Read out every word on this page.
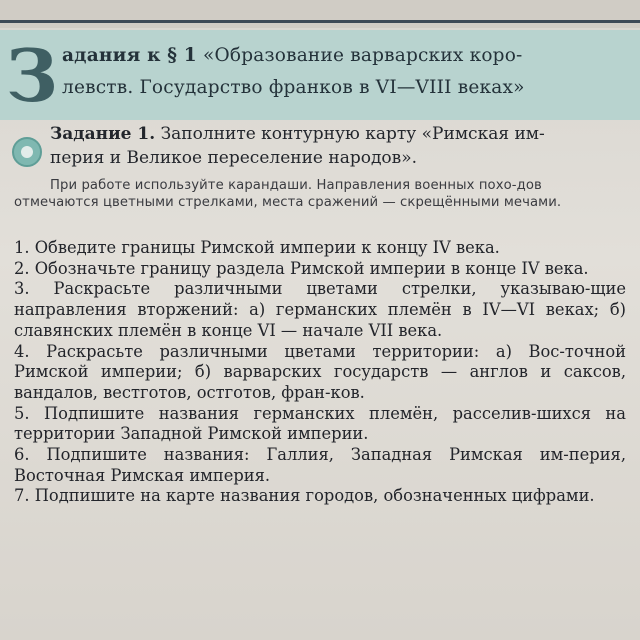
З адания к § 1 «Образование варварских коро-
левств. Государство франков в VI—VIII веках»
Задание 1. Заполните контурную карту «Римская им-
перия и Великое переселение народов».
При работе используйте карандаши. Направления военных похо-дов отмечаются цветными стрелками, места сражений — скрещёнными мечами.

1. Обведите границы Римской империи к концу IV века.

2. Обозначьте границу раздела Римской империи в конце IV века.

3. Раскрасьте различными цветами стрелки, указываю-щие направления вторжений: а) германских племён в IV—VI веках; б) славянских племён в конце VI — начале VII века.

4. Раскрасьте различными цветами территории: а) Вос-точной Римской империи; б) варварских государств — англов и саксов, вандалов, вестготов, остготов, фран-ков.

5. Подпишите названия германских племён, расселив-шихся на территории Западной Римской империи.

6. Подпишите названия: Галлия, Западная Римская им-перия, Восточная Римская империя.

7. Подпишите на карте названия городов, обозначенных цифрами.
